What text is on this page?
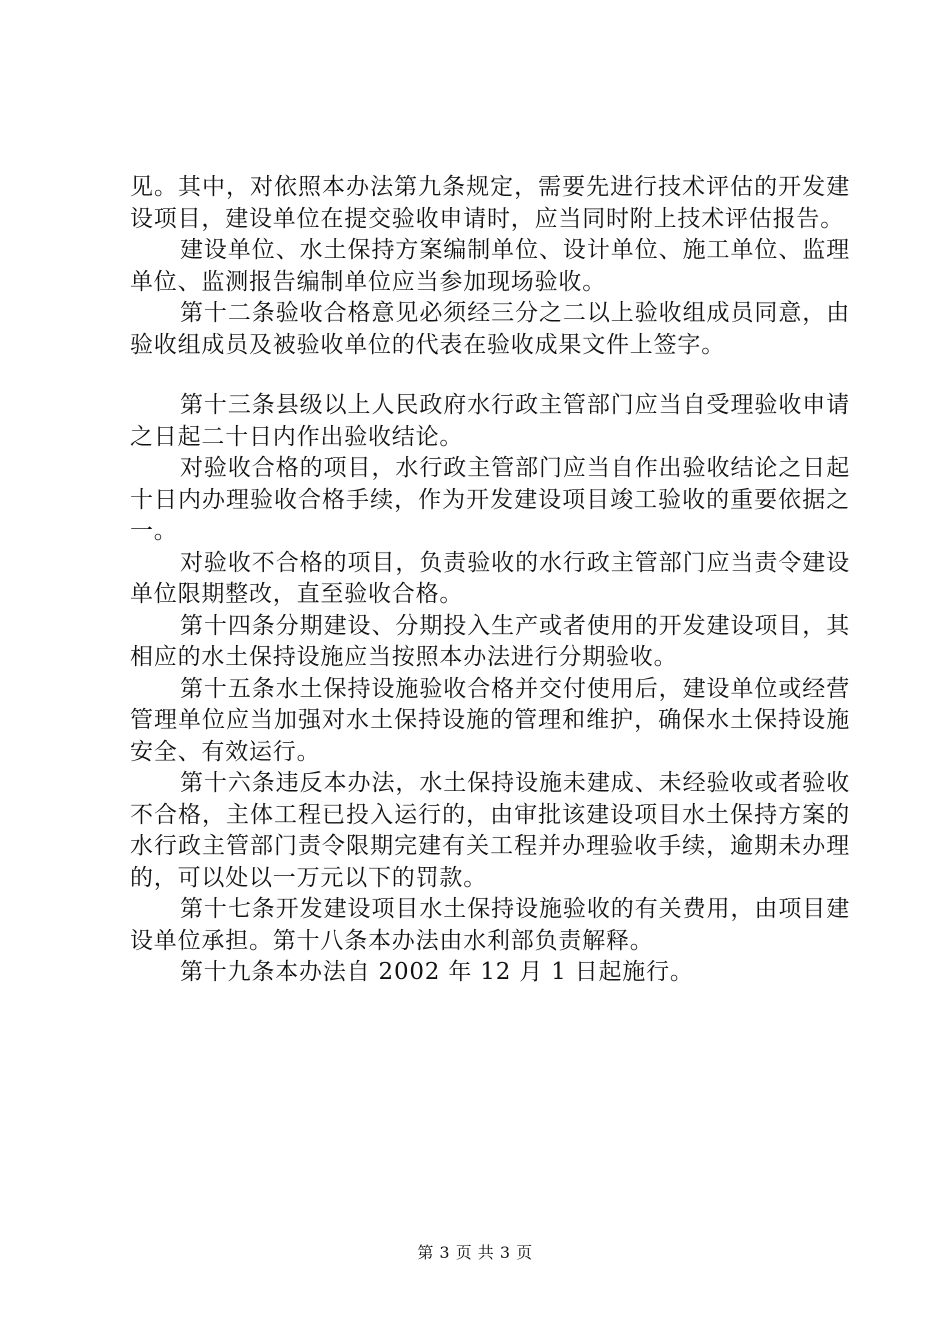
见。其中，对依照本办法第九条规定，需要先进行技术评估的开发建设项目，建设单位在提交验收申请时，应当同时附上技术评估报告。

建设单位、水土保持方案编制单位、设计单位、施工单位、监理单位、监测报告编制单位应当参加现场验收。

第十二条验收合格意见必须经三分之二以上验收组成员同意，由验收组成员及被验收单位的代表在验收成果文件上签字。

第十三条县级以上人民政府水行政主管部门应当自受理验收申请之日起二十日内作出验收结论。

对验收合格的项目，水行政主管部门应当自作出验收结论之日起十日内办理验收合格手续，作为开发建设项目竣工验收的重要依据之一。

对验收不合格的项目，负责验收的水行政主管部门应当责令建设单位限期整改，直至验收合格。

第十四条分期建设、分期投入生产或者使用的开发建设项目，其相应的水土保持设施应当按照本办法进行分期验收。

第十五条水土保持设施验收合格并交付使用后，建设单位或经营管理单位应当加强对水土保持设施的管理和维护，确保水土保持设施安全、有效运行。

第十六条违反本办法，水土保持设施未建成、未经验收或者验收不合格，主体工程已投入运行的，由审批该建设项目水土保持方案的水行政主管部门责令限期完建有关工程并办理验收手续，逾期未办理的，可以处以一万元以下的罚款。

第十七条开发建设项目水土保持设施验收的有关费用，由项目建设单位承担。第十八条本办法由水利部负责解释。

第十九条本办法自 2002 年 12 月 1 日起施行。

第 3 页 共 3 页
